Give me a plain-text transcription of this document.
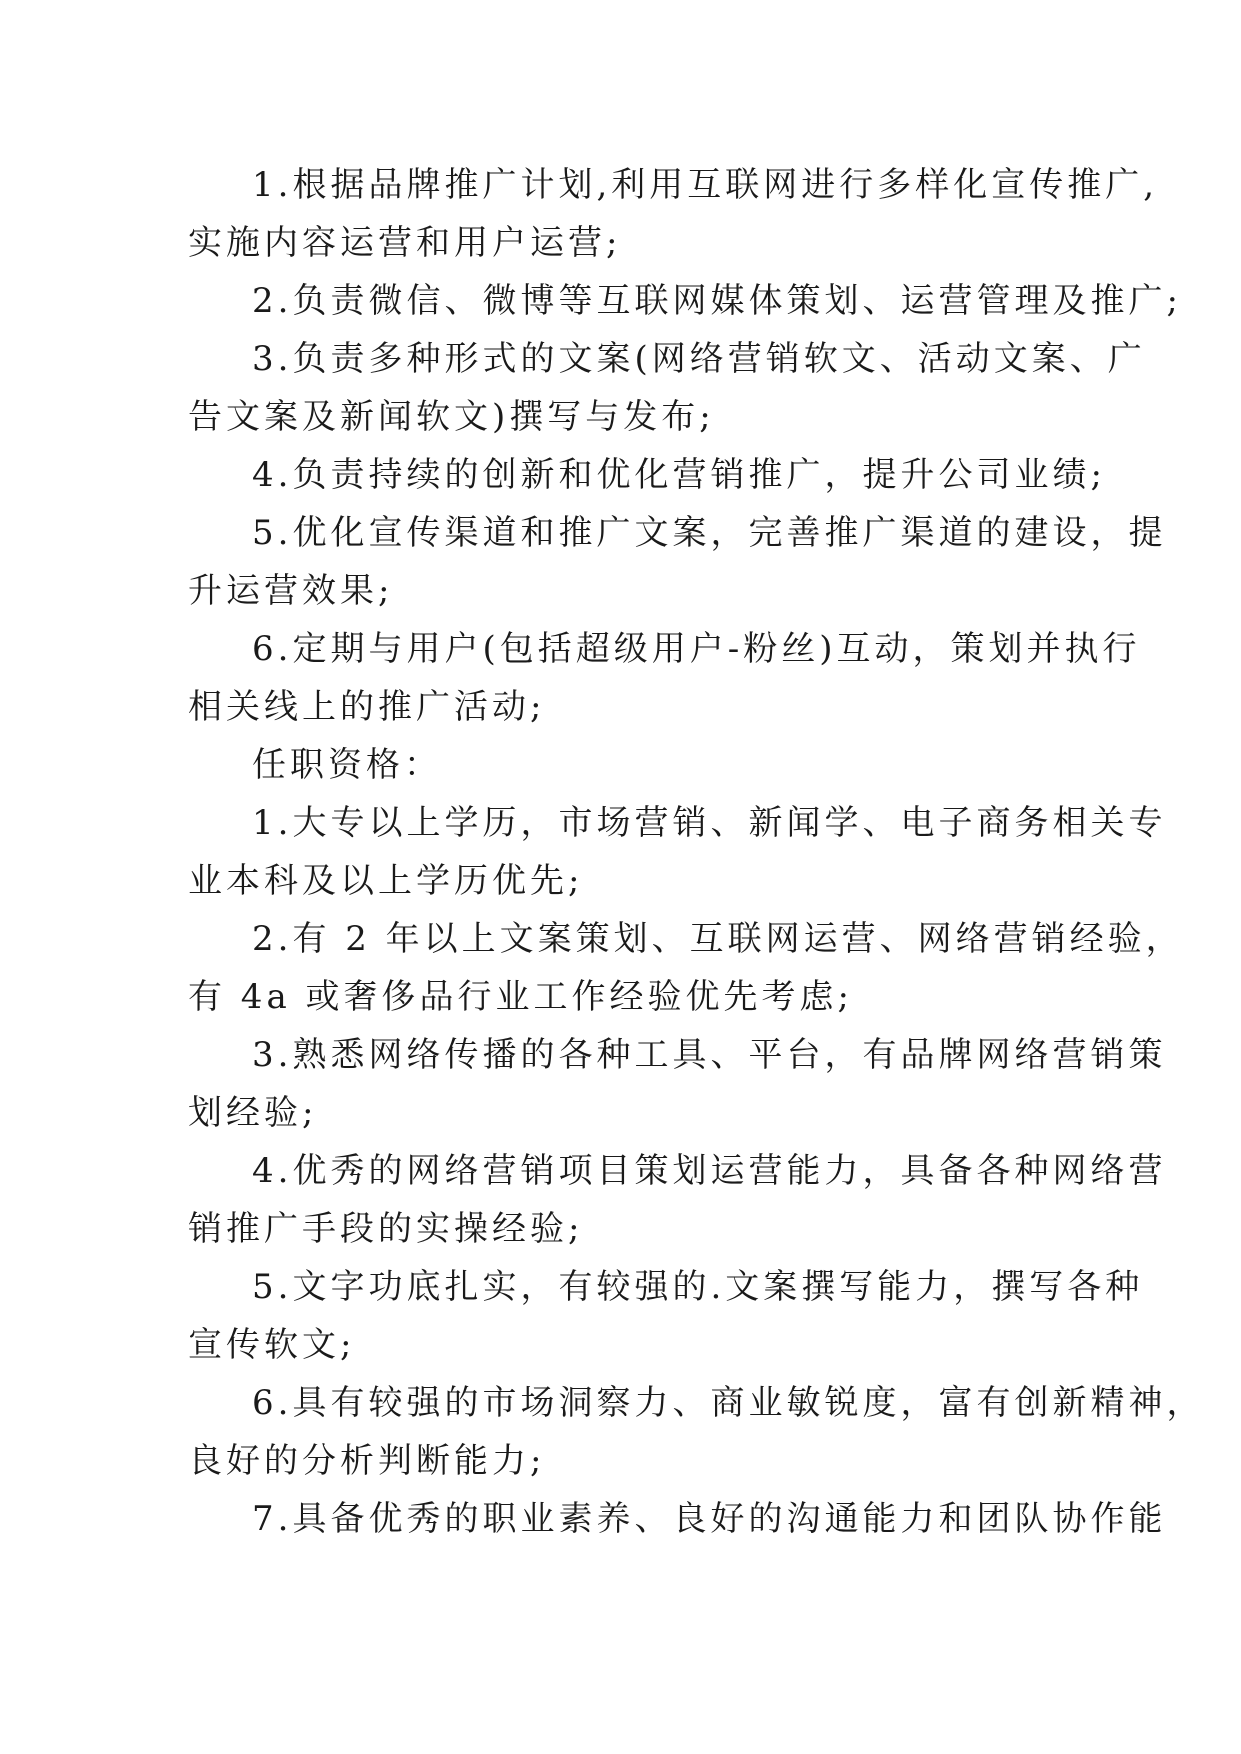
1.根据品牌推广计划,利用互联网进行多样化宣传推广,
实施内容运营和用户运营;
2.负责微信、微博等互联网媒体策划、运营管理及推广;
3.负责多种形式的文案(网络营销软文、活动文案、广
告文案及新闻软文)撰写与发布;
4.负责持续的创新和优化营销推广，提升公司业绩;
5.优化宣传渠道和推广文案，完善推广渠道的建设，提
升运营效果;
6.定期与用户(包括超级用户-粉丝)互动，策划并执行
相关线上的推广活动;
任职资格：
1.大专以上学历，市场营销、新闻学、电子商务相关专
业本科及以上学历优先;
2.有 2 年以上文案策划、互联网运营、网络营销经验，
有 4a 或奢侈品行业工作经验优先考虑;
3.熟悉网络传播的各种工具、平台，有品牌网络营销策
划经验;
4.优秀的网络营销项目策划运营能力，具备各种网络营
销推广手段的实操经验;
5.文字功底扎实，有较强的.文案撰写能力，撰写各种
宣传软文;
6.具有较强的市场洞察力、商业敏锐度，富有创新精神，
良好的分析判断能力;
7.具备优秀的职业素养、良好的沟通能力和团队协作能
